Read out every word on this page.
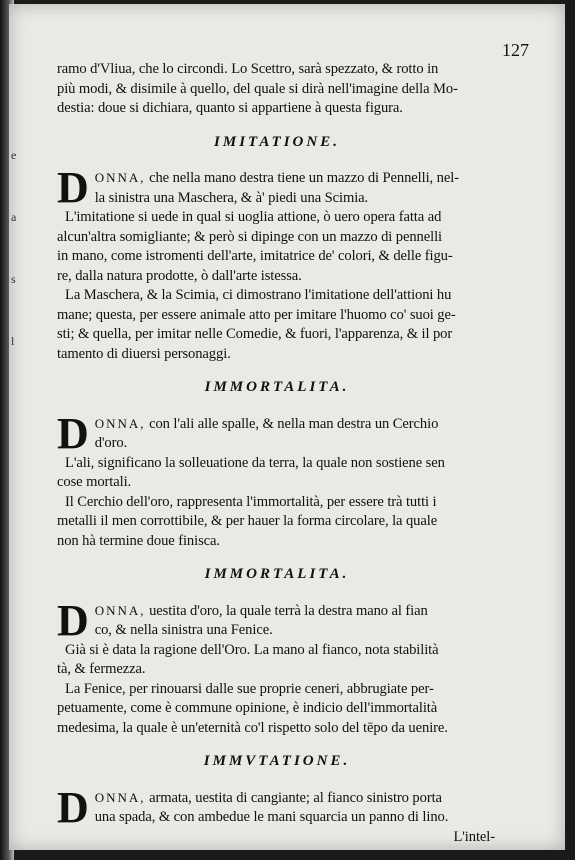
e
a
s
l
127
ramo d'Vliua, che lo circondi. Lo Scettro, sarà spezzato, & rotto in
più modi, & disimile à quello, del quale si dirà nell'imagine della Mo-
destia: doue si dichiara, quanto si appartiene à questa figura.
IMITATIONE.
D ONNA, che nella mano destra tiene un mazzo di Pennelli, nel-
la sinistra una Maschera, & à' piedi una Scimia.
L'imitatione si uede in qual si uoglia attione, ò uero opera fatta ad
alcun'altra somigliante; & però si dipinge con un mazzo di pennelli
in mano, come istromenti dell'arte, imitatrice de' colori, & delle figu-
re, dalla natura prodotte, ò dall'arte istessa.
La Maschera, & la Scimia, ci dimostrano l'imitatione dell'attioni hu
mane; questa, per essere animale atto per imitare l'huomo co' suoi ge-
sti; & quella, per imitar nelle Comedie, & fuori, l'apparenza, & il por
tamento di diuersi personaggi.
IMMORTALITA.
D ONNA, con l'ali alle spalle, & nella man destra un Cerchio
d'oro.
L'ali, significano la solleuatione da terra, la quale non sostiene sen
cose mortali.
Il Cerchio dell'oro, rappresenta l'immortalità, per essere trà tutti i
metalli il men corrottibile, & per hauer la forma circolare, la quale
non hà termine doue finisca.
IMMORTALITA.
D ONNA, uestita d'oro, la quale terrà la destra mano al fian
co, & nella sinistra una Fenice.
Già si è data la ragione dell'Oro. La mano al fianco, nota stabilità
tà, & fermezza.
La Fenice, per rinouarsi dalle sue proprie ceneri, abbrugiate per-
petuamente, come è commune opinione, è indicio dell'immortalità
medesima, la quale è un'eternità co'l rispetto solo del tēpo da uenire.
IMMVTATIONE.
D ONNA, armata, uestita di cangiante; al fianco sinistro porta
una spada, & con ambedue le mani squarcia un panno di lino.
L'intel-
